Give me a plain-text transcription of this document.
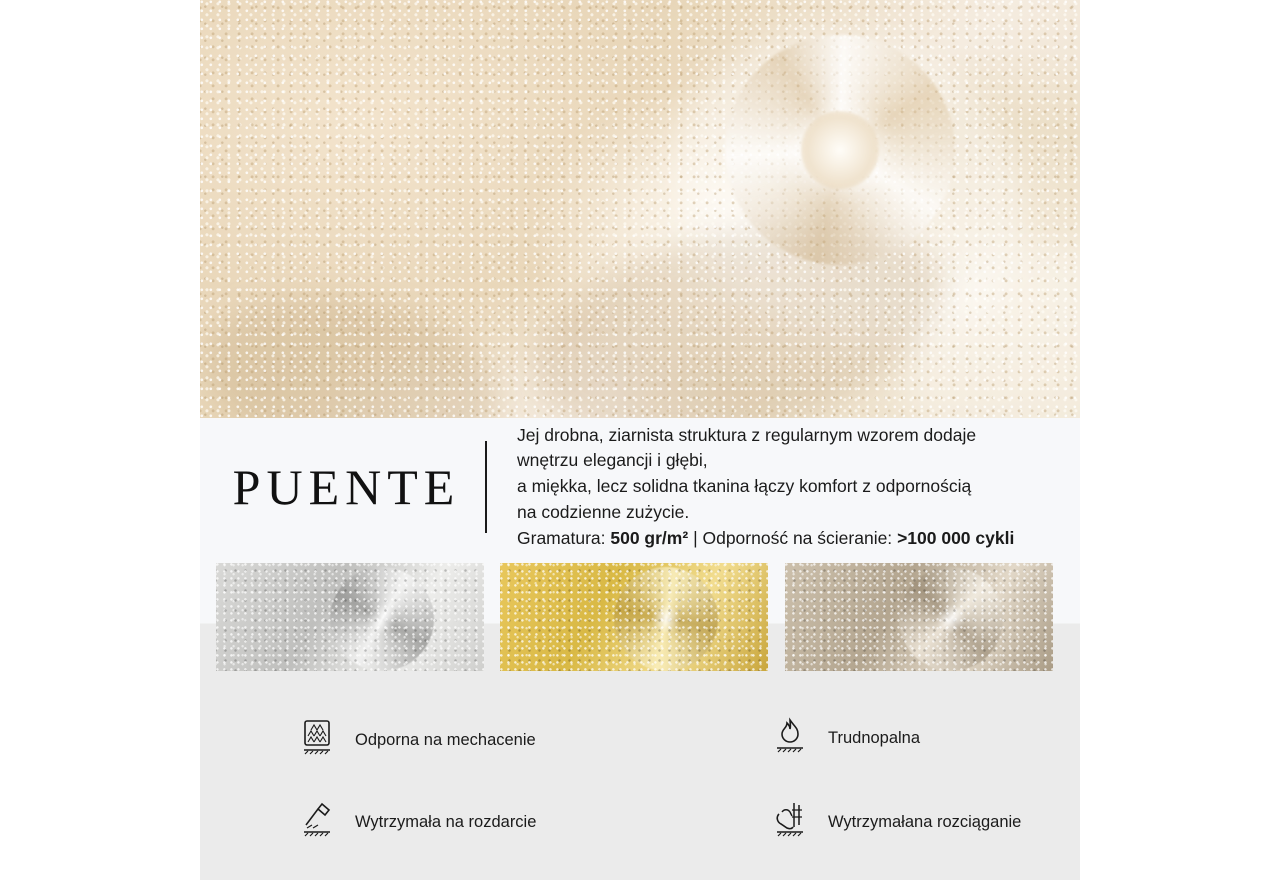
PUENTE
Jej drobna, ziarnista struktura z regularnym wzorem dodaje
wnętrzu elegancji i głębi,
a miękka, lecz solidna tkanina łączy komfort z odpornością
na codzienne zużycie.
Gramatura: 500 gr/m² | Odporność na ścieranie: >100 000 cykli
Odporna na mechacenie
Wytrzymała na rozdarcie
Trudnopalna
Wytrzymałana rozciąganie
